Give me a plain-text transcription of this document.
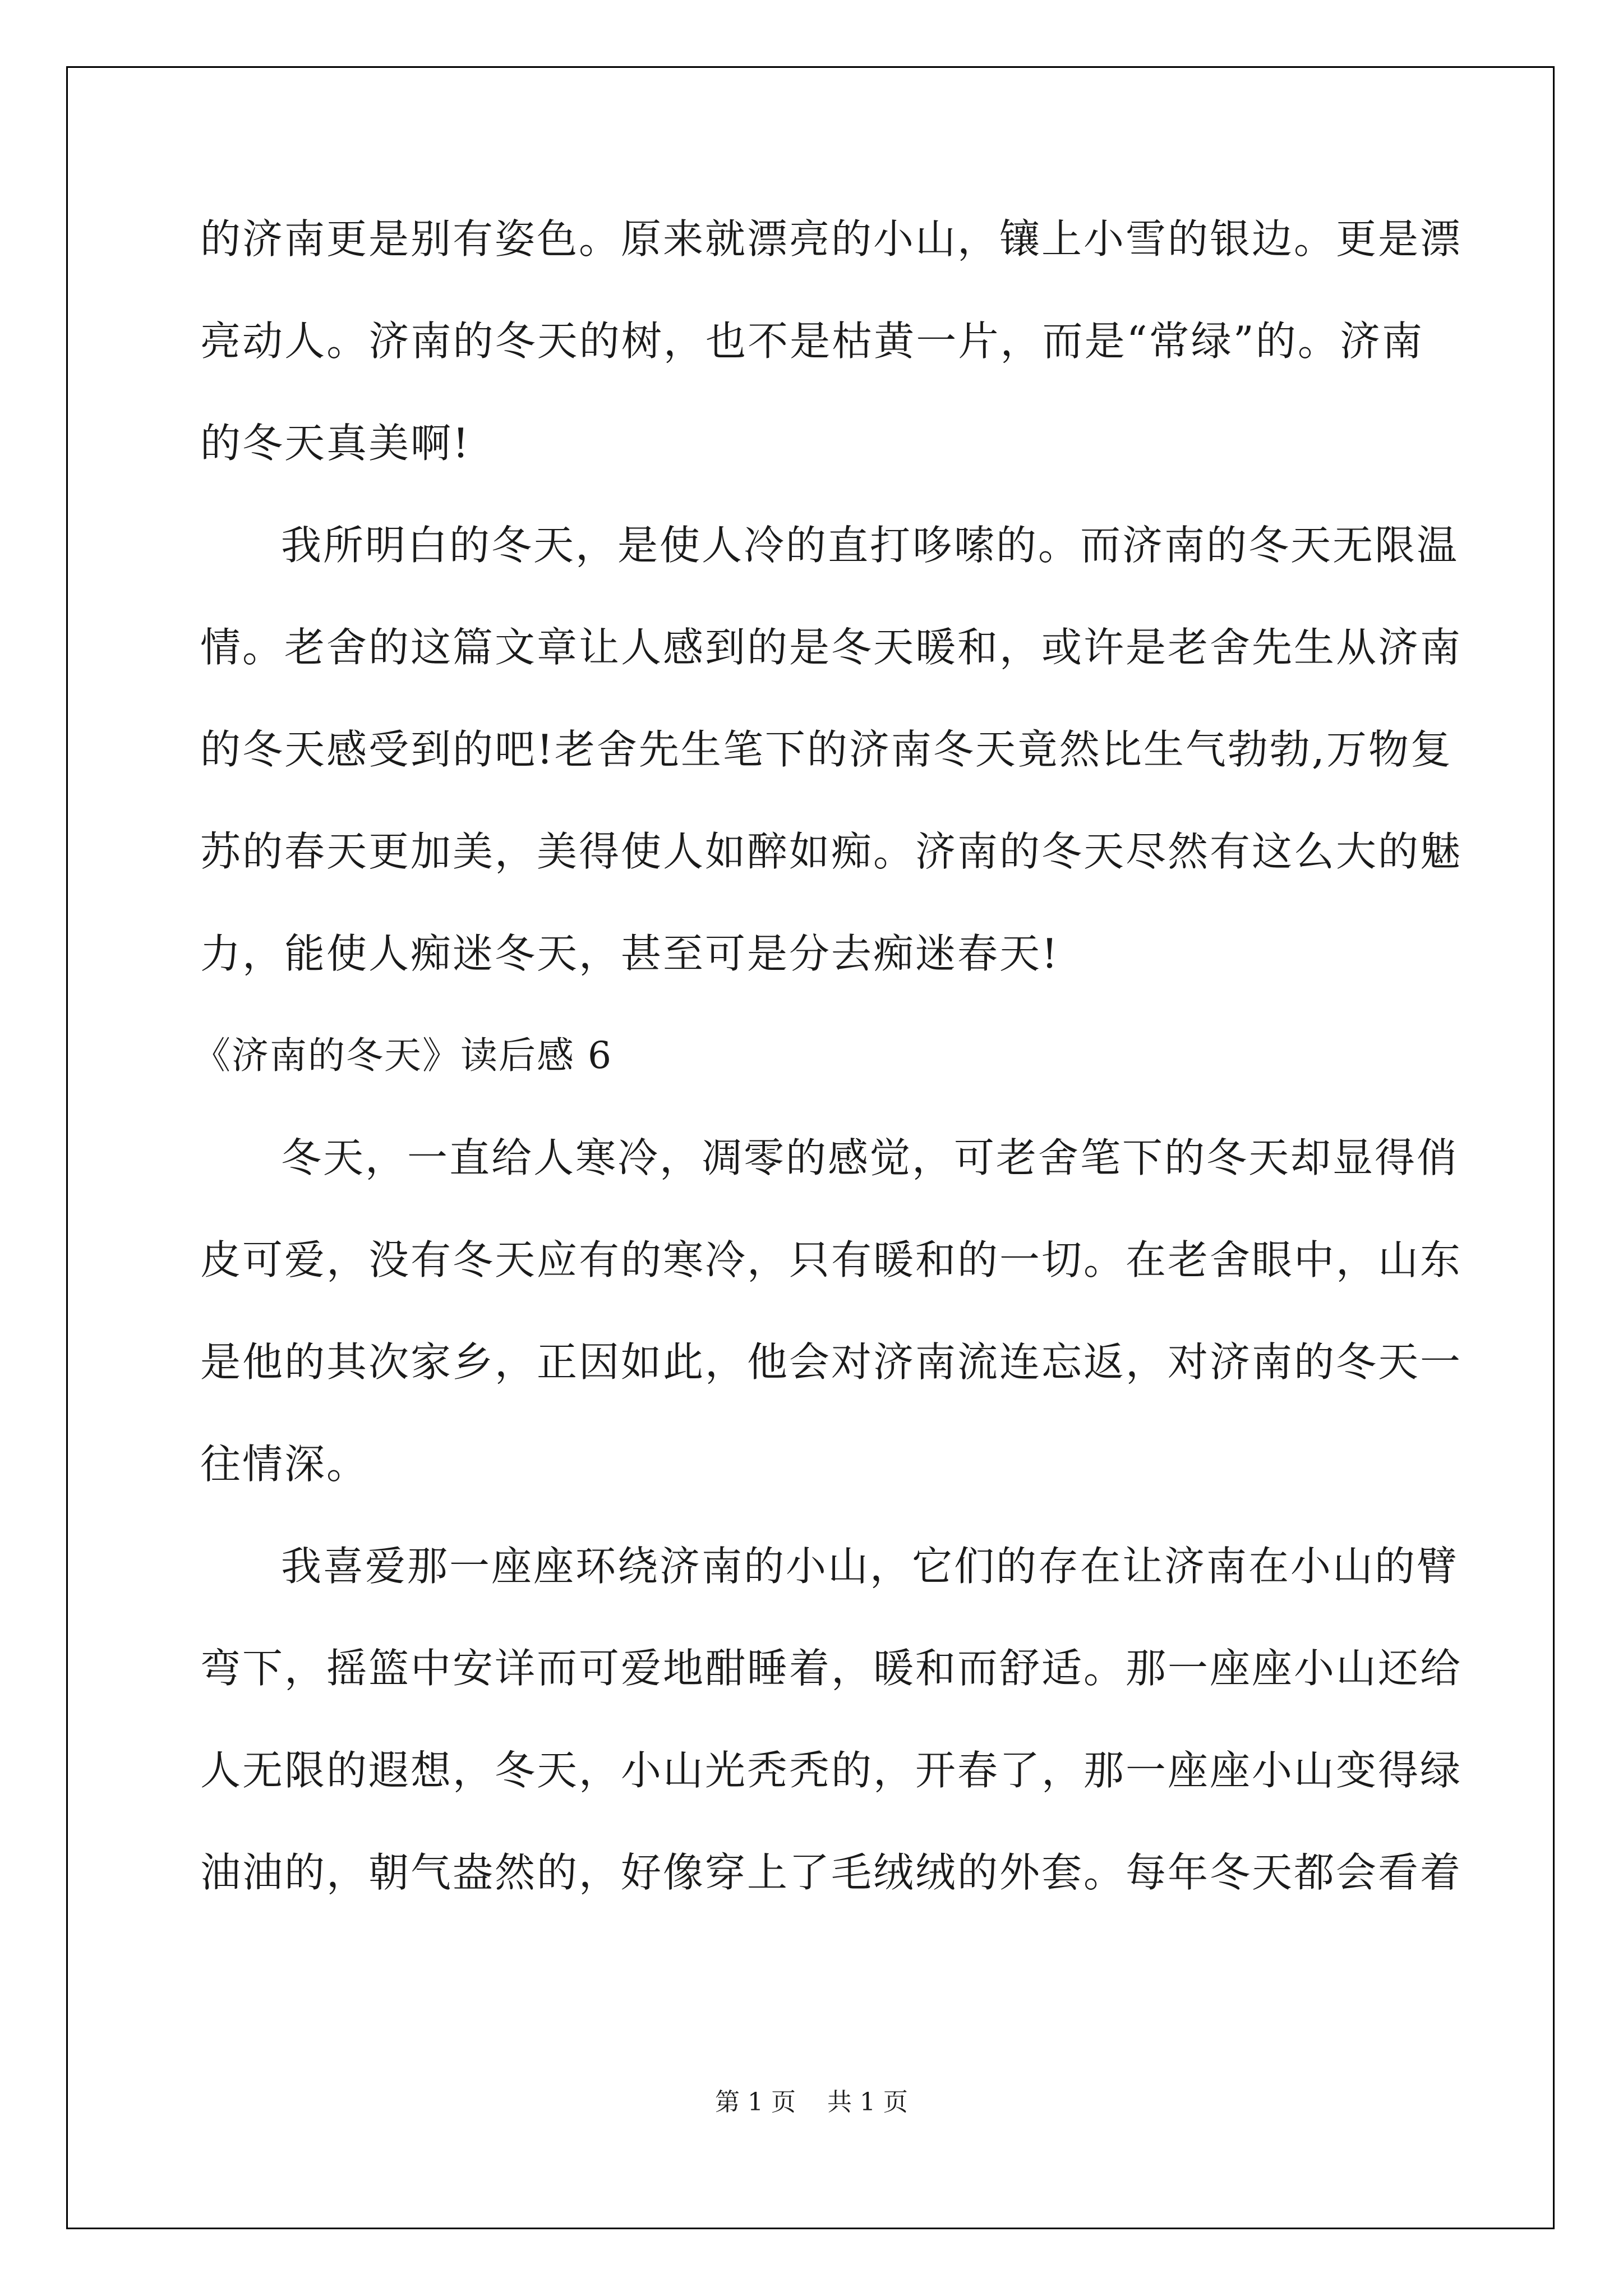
的济南更是别有姿色。原来就漂亮的小山，镶上小雪的银边。更是漂
亮动人。济南的冬天的树，也不是枯黄一片，而是“常绿”的。济南
的冬天真美啊!
我所明白的冬天，是使人冷的直打哆嗦的。而济南的冬天无限温
情。老舍的这篇文章让人感到的是冬天暖和，或许是老舍先生从济南
的冬天感受到的吧!老舍先生笔下的济南冬天竟然比生气勃勃,万物复
苏的春天更加美，美得使人如醉如痴。济南的冬天尽然有这么大的魅
力，能使人痴迷冬天，甚至可是分去痴迷春天!
《济南的冬天》读后感 6
冬天，一直给人寒冷，凋零的感觉，可老舍笔下的冬天却显得俏
皮可爱，没有冬天应有的寒冷，只有暖和的一切。在老舍眼中，山东
是他的其次家乡，正因如此，他会对济南流连忘返，对济南的冬天一
往情深。
我喜爱那一座座环绕济南的小山，它们的存在让济南在小山的臂
弯下，摇篮中安详而可爱地酣睡着，暖和而舒适。那一座座小山还给
人无限的遐想，冬天，小山光秃秃的，开春了，那一座座小山变得绿
油油的，朝气盎然的，好像穿上了毛绒绒的外套。每年冬天都会看着
第 1 页 共 1 页
